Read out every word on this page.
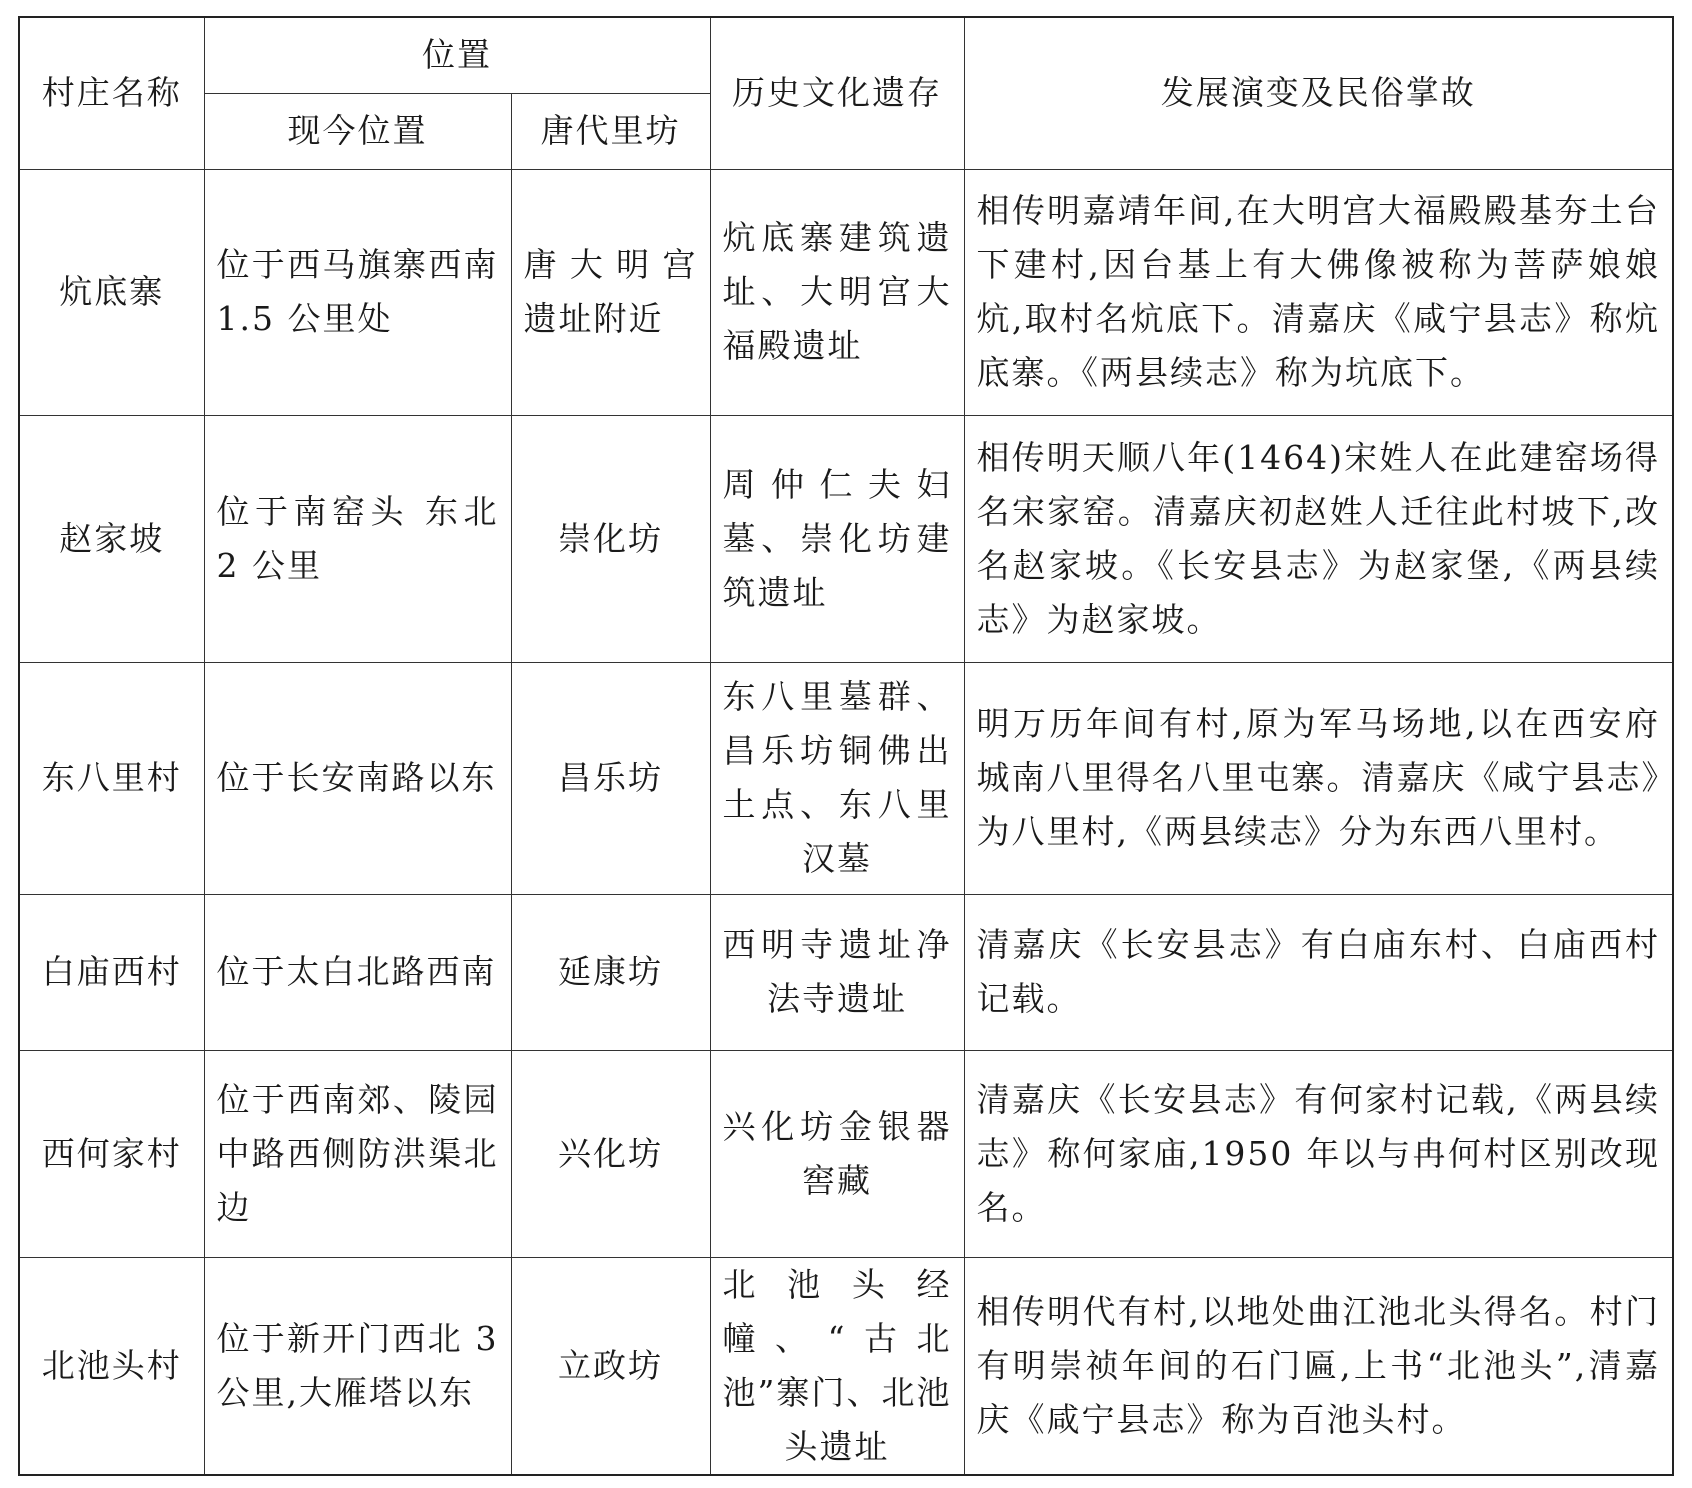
村庄名称	位置		历史文化遗存	发展演变及民俗掌故
	现今位置	唐代里坊		
炕底寨	位于西马旗寨西南 1.5 公里处	唐大明宫遗址附近	炕底寨建筑遗址、大明宫大福殿遗址	相传明嘉靖年间,在大明宫大福殿殿基夯土台下建村,因台基上有大佛像被称为菩萨娘娘炕,取村名炕底下。清嘉庆《咸宁县志》称炕底寨。《两县续志》称为坑底下。
赵家坡	位于南窑头 东北 2 公里	崇化坊	周仲仁夫妇墓、崇化坊建筑遗址	相传明天顺八年(1464)宋姓人在此建窑场得名宋家窑。清嘉庆初赵姓人迁往此村坡下,改名赵家坡。《长安县志》为赵家堡,《两县续志》为赵家坡。
东八里村	位于长安南路以东	昌乐坊	东八里墓群、昌乐坊铜佛出土点、东八里汉墓	明万历年间有村,原为军马场地,以在西安府城南八里得名八里屯寨。清嘉庆《咸宁县志》为八里村,《两县续志》分为东西八里村。
白庙西村	位于太白北路西南	延康坊	西明寺遗址净法寺遗址	清嘉庆《长安县志》有白庙东村、白庙西村记载。
西何家村	位于西南郊、陵园中路西侧防洪渠北边	兴化坊	兴化坊金银器窖藏	清嘉庆《长安县志》有何家村记载,《两县续志》称何家庙,1950 年以与冉何村区别改现名。
北池头村	位于新开门西北 3 公里,大雁塔以东	立政坊	北池头经幢、“古北池”寨门、北池头遗址	相传明代有村,以地处曲江池北头得名。村门有明崇祯年间的石门匾,上书“北池头”,清嘉庆《咸宁县志》称为百池头村。
